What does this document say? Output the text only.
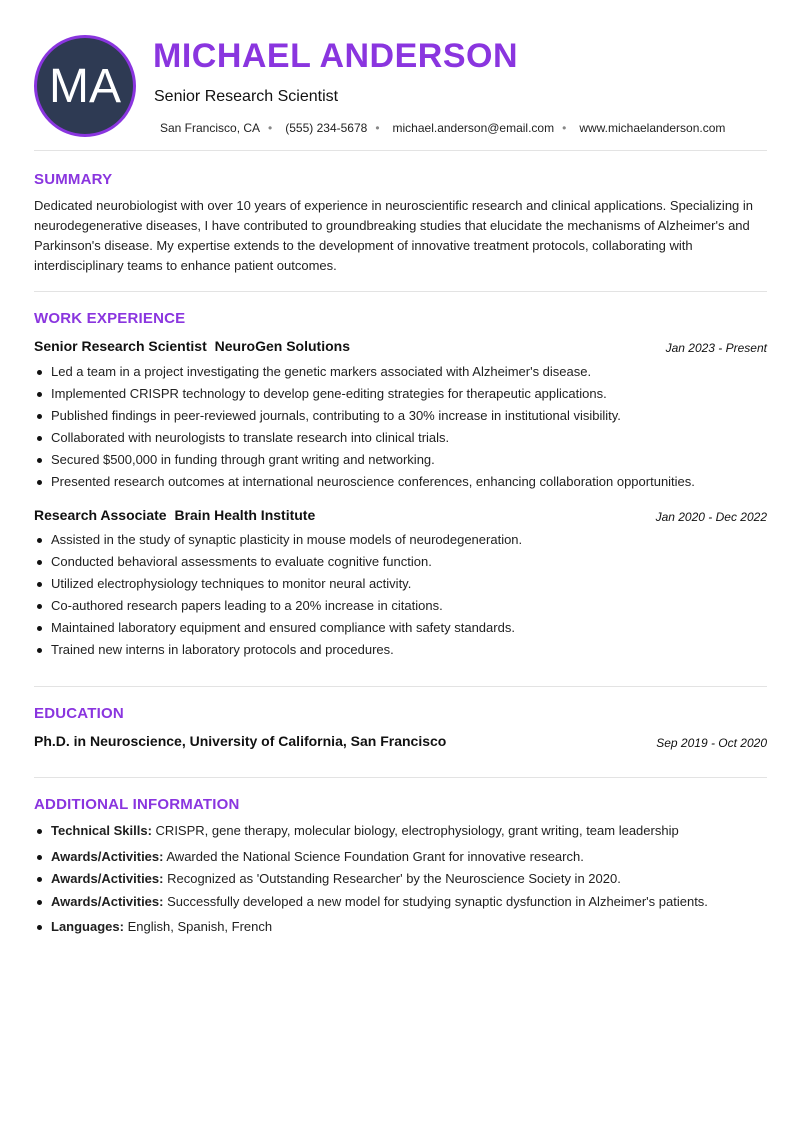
MA
MICHAEL ANDERSON
Senior Research Scientist
San Francisco, CA • (555) 234-5678 • michael.anderson@email.com • www.michaelanderson.com
SUMMARY
Dedicated neurobiologist with over 10 years of experience in neuroscientific research and clinical applications. Specializing in neurodegenerative diseases, I have contributed to groundbreaking studies that elucidate the mechanisms of Alzheimer's and Parkinson's disease. My expertise extends to the development of innovative treatment protocols, collaborating with interdisciplinary teams to enhance patient outcomes.
WORK EXPERIENCE
Senior Research Scientist NeuroGen Solutions	Jan 2023 - Present
Led a team in a project investigating the genetic markers associated with Alzheimer's disease.
Implemented CRISPR technology to develop gene-editing strategies for therapeutic applications.
Published findings in peer-reviewed journals, contributing to a 30% increase in institutional visibility.
Collaborated with neurologists to translate research into clinical trials.
Secured $500,000 in funding through grant writing and networking.
Presented research outcomes at international neuroscience conferences, enhancing collaboration opportunities.
Research Associate Brain Health Institute	Jan 2020 - Dec 2022
Assisted in the study of synaptic plasticity in mouse models of neurodegeneration.
Conducted behavioral assessments to evaluate cognitive function.
Utilized electrophysiology techniques to monitor neural activity.
Co-authored research papers leading to a 20% increase in citations.
Maintained laboratory equipment and ensured compliance with safety standards.
Trained new interns in laboratory protocols and procedures.
EDUCATION
Ph.D. in Neuroscience, University of California, San Francisco	Sep 2019 - Oct 2020
ADDITIONAL INFORMATION
Technical Skills: CRISPR, gene therapy, molecular biology, electrophysiology, grant writing, team leadership
Awards/Activities: Awarded the National Science Foundation Grant for innovative research.
Awards/Activities: Recognized as 'Outstanding Researcher' by the Neuroscience Society in 2020.
Awards/Activities: Successfully developed a new model for studying synaptic dysfunction in Alzheimer's patients.
Languages: English, Spanish, French
